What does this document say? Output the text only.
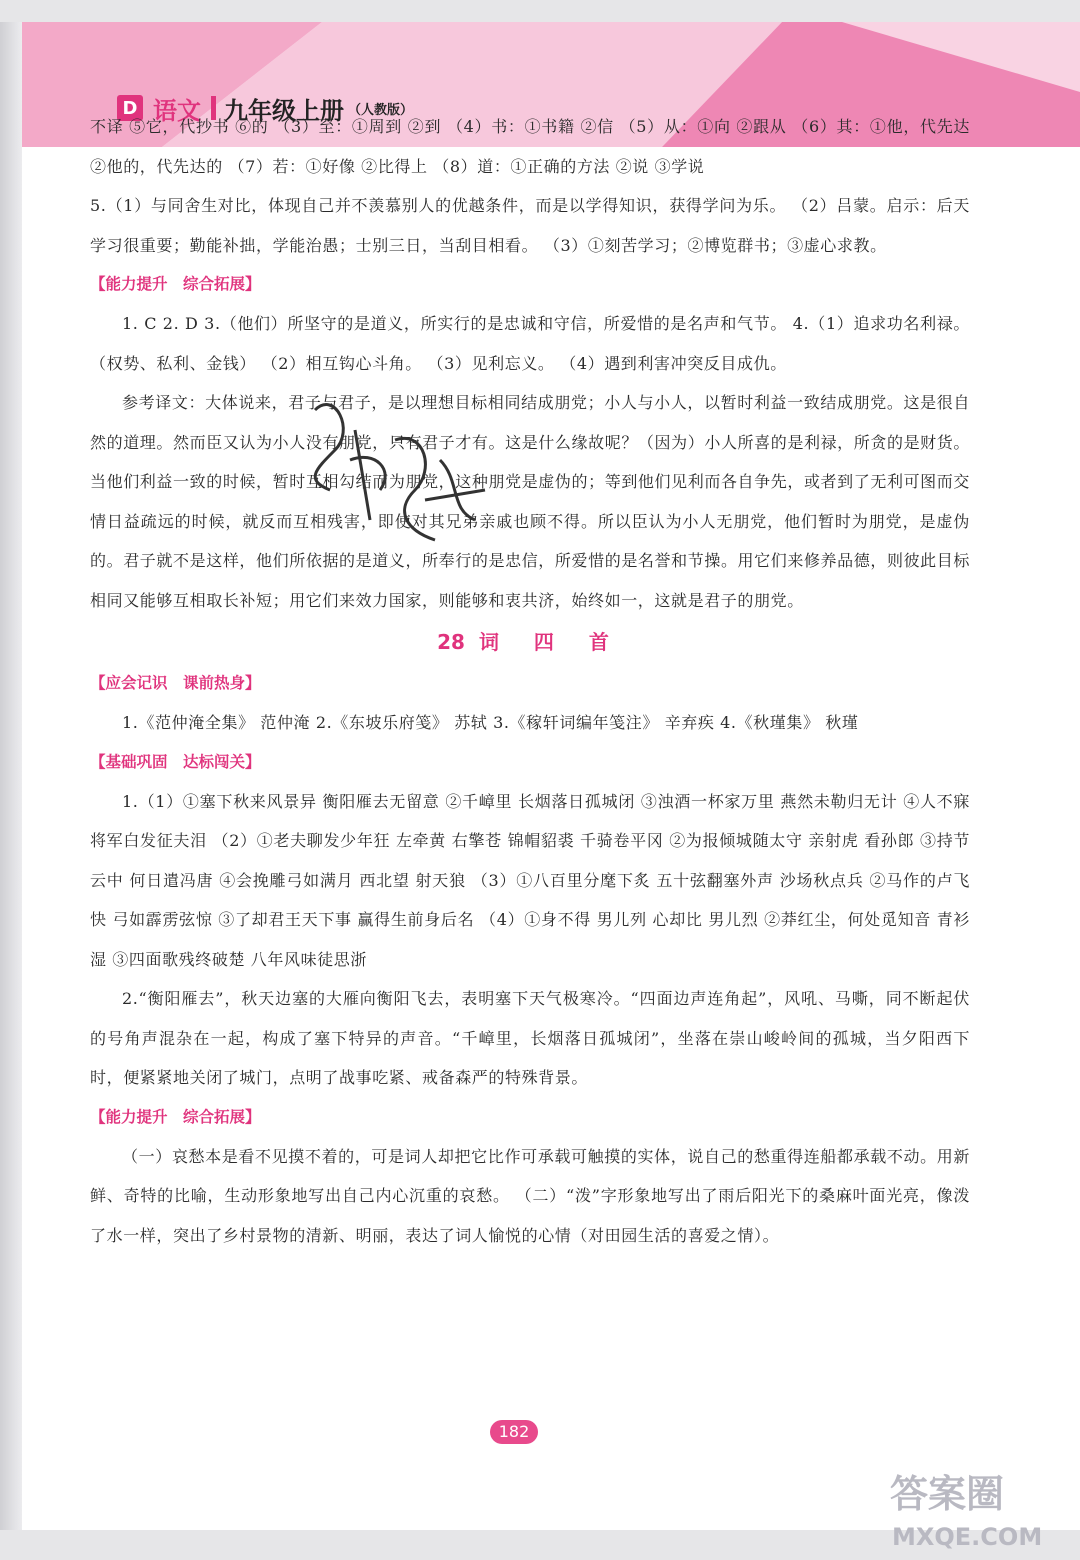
D 语文 九年级上册 （人教版）

不译 ⑤它，代抄书 ⑥的 （3）至：①周到 ②到 （4）书：①书籍 ②信 （5）从：①向 ②跟从 （6）其：①他，代先达 ②他的，代先达的 （7）若：①好像 ②比得上 （8）道：①正确的方法 ②说 ③学说

5.（1）与同舍生对比，体现自己并不羡慕别人的优越条件，而是以学得知识，获得学问为乐。 （2）吕蒙。启示：后天学习很重要；勤能补拙，学能治愚；士别三日，当刮目相看。 （3）①刻苦学习；②博览群书；③虚心求教。

【能力提升　综合拓展】

1. C 2. D 3.（他们）所坚守的是道义，所实行的是忠诚和守信，所爱惜的是名声和气节。 4.（1）追求功名利禄。（权势、私利、金钱） （2）相互钩心斗角。 （3）见利忘义。 （4）遇到利害冲突反目成仇。

参考译文：大体说来，君子与君子，是以理想目标相同结成朋党；小人与小人，以暂时利益一致结成朋党。这是很自然的道理。然而臣又认为小人没有朋党，只有君子才有。这是什么缘故呢？（因为）小人所喜的是利禄，所贪的是财货。当他们利益一致的时候，暂时互相勾结而为朋党，这种朋党是虚伪的；等到他们见利而各自争先，或者到了无利可图而交情日益疏远的时候，就反而互相残害，即使对其兄弟亲戚也顾不得。所以臣认为小人无朋党，他们暂时为朋党，是虚伪的。君子就不是这样，他们所依据的是道义，所奉行的是忠信，所爱惜的是名誉和节操。用它们来修养品德，则彼此目标相同又能够互相取长补短；用它们来效力国家，则能够和衷共济，始终如一，这就是君子的朋党。

28 词 四 首
【应会记识　课前热身】

1.《范仲淹全集》 范仲淹 2.《东坡乐府笺》 苏轼 3.《稼轩词编年笺注》 辛弃疾 4.《秋瑾集》 秋瑾

【基础巩固　达标闯关】

1.（1）①塞下秋来风景异 衡阳雁去无留意 ②千嶂里 长烟落日孤城闭 ③浊酒一杯家万里 燕然未勒归无计 ④人不寐 将军白发征夫泪 （2）①老夫聊发少年狂 左牵黄 右擎苍 锦帽貂裘 千骑卷平冈 ②为报倾城随太守 亲射虎 看孙郎 ③持节云中 何日遣冯唐 ④会挽雕弓如满月 西北望 射天狼 （3）①八百里分麾下炙 五十弦翻塞外声 沙场秋点兵 ②马作的卢飞快 弓如霹雳弦惊 ③了却君王天下事 赢得生前身后名 （4）①身不得 男儿列 心却比 男儿烈 ②莽红尘，何处觅知音 青衫湿 ③四面歌残终破楚 八年风味徒思浙

2.“衡阳雁去”，秋天边塞的大雁向衡阳飞去，表明塞下天气极寒冷。“四面边声连角起”，风吼、马嘶，同不断起伏的号角声混杂在一起，构成了塞下特异的声音。“千嶂里，长烟落日孤城闭”，坐落在崇山峻岭间的孤城，当夕阳西下时，便紧紧地关闭了城门，点明了战事吃紧、戒备森严的特殊背景。

【能力提升　综合拓展】

（一）哀愁本是看不见摸不着的，可是词人却把它比作可承载可触摸的实体，说自己的愁重得连船都承载不动。用新鲜、奇特的比喻，生动形象地写出自己内心沉重的哀愁。 （二）“泼”字形象地写出了雨后阳光下的桑麻叶面光亮，像泼了水一样，突出了乡村景物的清新、明丽，表达了词人愉悦的心情（对田园生活的喜爱之情）。

182
答案圈
MXQE.COM
